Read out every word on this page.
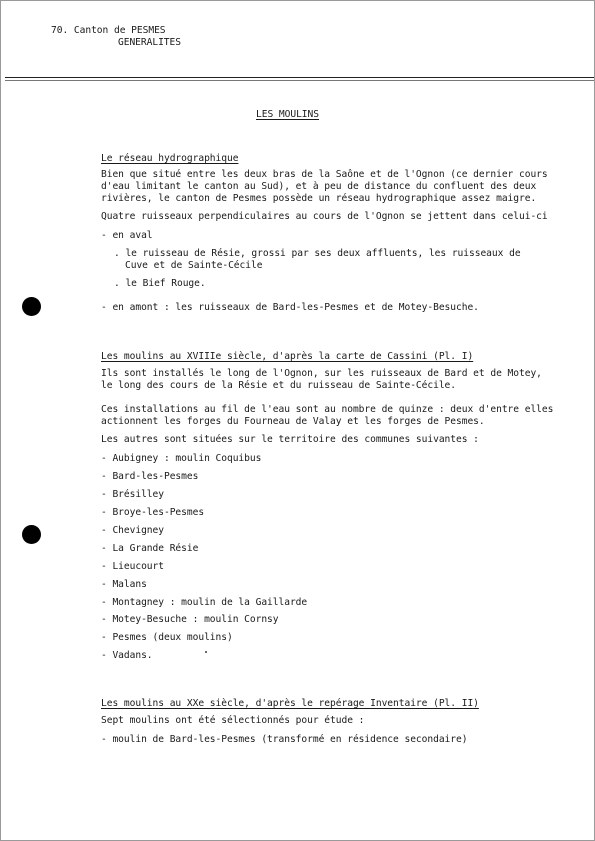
70. Canton de PESMES
GENERALITES
LES MOULINS
Le réseau hydrographique
Bien que situé entre les deux bras de la Saône et de l'Ognon (ce dernier cours
d'eau limitant le canton au Sud), et à peu de distance du confluent des deux
rivières, le canton de Pesmes possède un réseau hydrographique assez maigre.
Quatre ruisseaux perpendiculaires au cours de l'Ognon se jettent dans celui-ci
- en aval
. le ruisseau de Résie, grossi par ses deux affluents, les ruisseaux de
Cuve et de Sainte-Cécile
. le Bief Rouge.
- en amont : les ruisseaux de Bard-les-Pesmes et de Motey-Besuche.
Les moulins au XVIIIe siècle, d'après la carte de Cassini (Pl. I)
Ils sont installés le long de l'Ognon, sur les ruisseaux de Bard et de Motey,
le long des cours de la Résie et du ruisseau de Sainte-Cécile.
Ces installations au fil de l'eau sont au nombre de quinze : deux d'entre elles
actionnent les forges du Fourneau de Valay et les forges de Pesmes.
Les autres sont situées sur le territoire des communes suivantes :
- Aubigney : moulin Coquibus
- Bard-les-Pesmes
- Brésilley
- Broye-les-Pesmes
- Chevigney
- La Grande Résie
- Lieucourt
- Malans
- Montagney : moulin de la Gaillarde
- Motey-Besuche : moulin Cornsy
- Pesmes (deux moulins)
- Vadans.
Les moulins au XXe siècle, d'après le repérage Inventaire (Pl. II)
Sept moulins ont été sélectionnés pour étude :
- moulin de Bard-les-Pesmes (transformé en résidence secondaire)
